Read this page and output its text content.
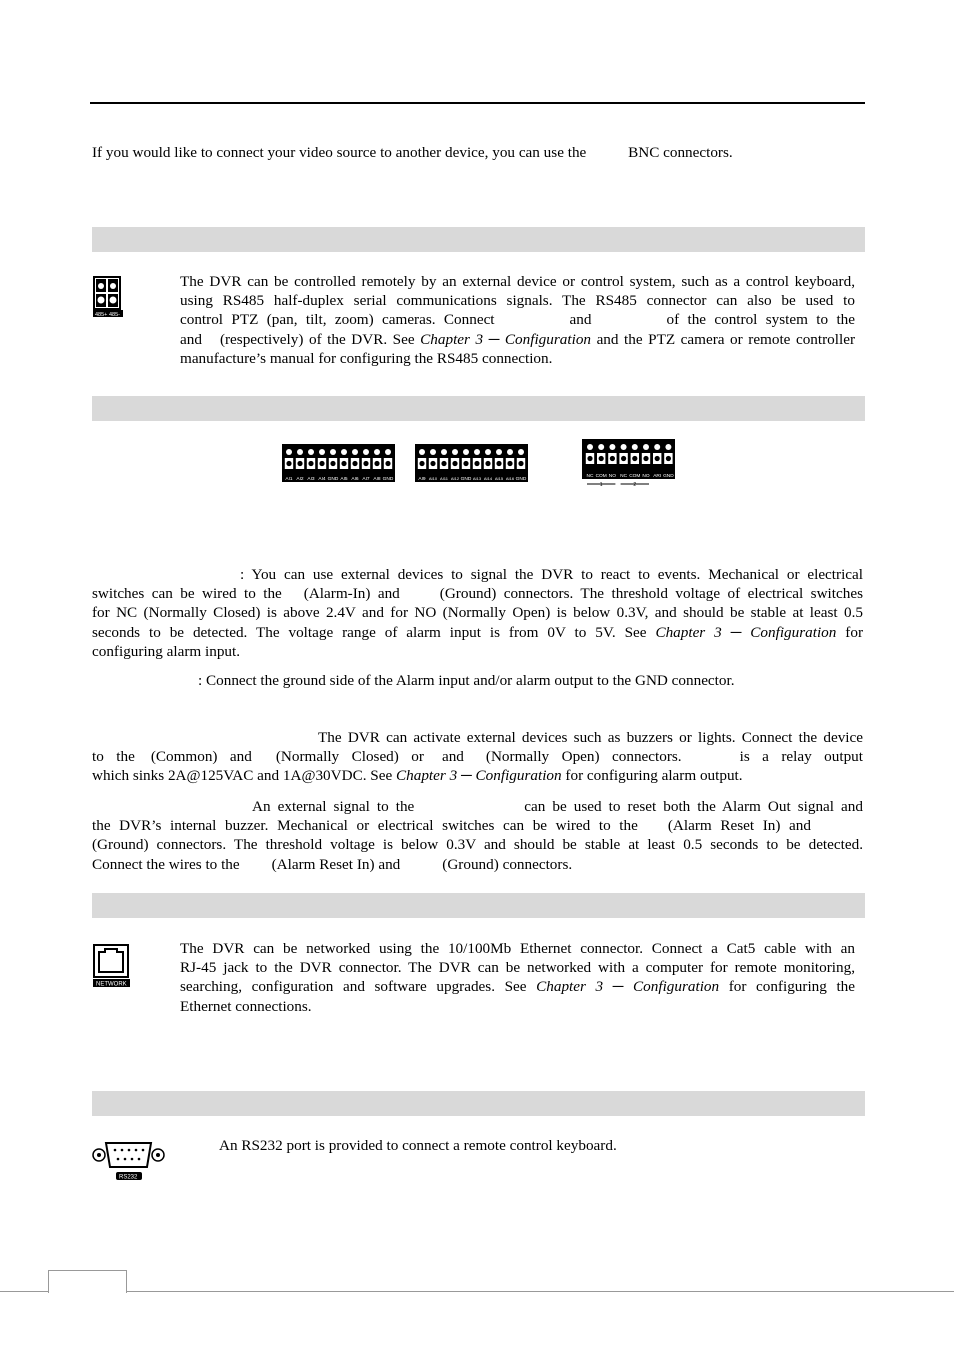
If you would like to connect your video source to another device, you can use the	BNC connectors.
485+ 485-
The DVR can be controlled remotely by an external device or control system, such as a control keyboard,
using RS485 half-duplex serial communications signals. The RS485 connector can also be used to
control PTZ (pan, tilt, zoom) cameras. Connect	and	of the control system to the
and (respectively) of the DVR. See Chapter 3 ─ Configuration and the PTZ camera or remote controller
manufacture’s manual for configuring the RS485 connection.
AI1 AI2 AI3 AI4 GND AI5 AI6 AI7 AI8 GND	AI9 AI10 AI11 AI12 GND AI13 AI14 AI15 AI16 GND
NC COM NO NC COM NO ARI GND
1	2
: You can use external devices to signal the DVR to react to events. Mechanical or electrical
switches can be wired to the (Alarm-In) and	(Ground) connectors. The threshold voltage of electrical switches
for NC (Normally Closed) is above 2.4V and for NO (Normally Open) is below 0.3V, and should be stable at least 0.5
seconds to be detected. The voltage range of alarm input is from 0V to 5V. See Chapter 3 ─ Configuration for
configuring alarm input.
: Connect the ground side of the Alarm input and/or alarm output to the GND connector.
The DVR can activate external devices such as buzzers or lights. Connect the device
to the (Common) and (Normally Closed) or and (Normally Open) connectors.	is a relay output
which sinks 2A@125VAC and 1A@30VDC. See Chapter 3 ─ Configuration for configuring alarm output.
An external signal to the	can be used to reset both the Alarm Out signal and
the DVR’s internal buzzer. Mechanical or electrical switches can be wired to the (Alarm Reset In) and
(Ground) connectors. The threshold voltage is below 0.3V and should be stable at least 0.5 seconds to be detected.
Connect the wires to the (Alarm Reset In) and	(Ground) connectors.
NETWORK
The DVR can be networked using the 10/100Mb Ethernet connector. Connect a Cat5 cable with an
RJ-45 jack to the DVR connector. The DVR can be networked with a computer for remote monitoring,
searching, configuration and software upgrades. See Chapter 3 ─ Configuration for configuring the
Ethernet connections.
RS232
An RS232 port is provided to connect a remote control keyboard.
